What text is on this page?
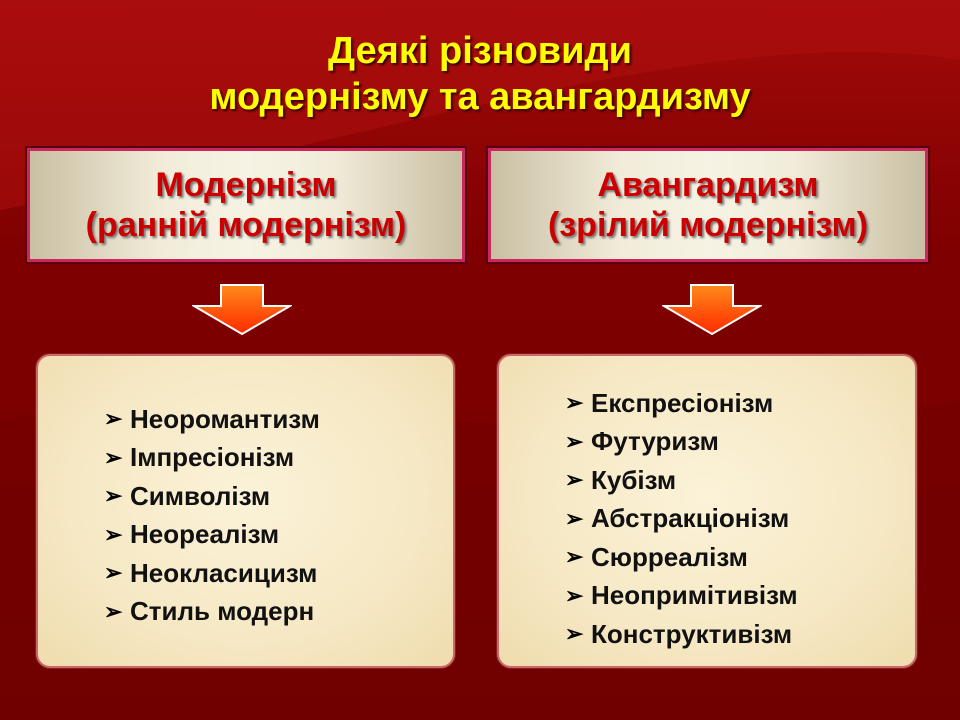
Деякі різновиди
модернізму та авангардизму
Модернізм
(ранній модернізм)
Авангардизм
(зрілий модернізм)
➢ Неоромантизм
➢ Імпресіонізм
➢ Символізм
➢ Неореалізм
➢ Неокласицизм
➢ Стиль модерн
➢ Експресіонізм
➢ Футуризм
➢ Кубізм
➢ Абстракціонізм
➢ Сюрреалізм
➢ Неопримітивізм
➢ Конструктивізм
